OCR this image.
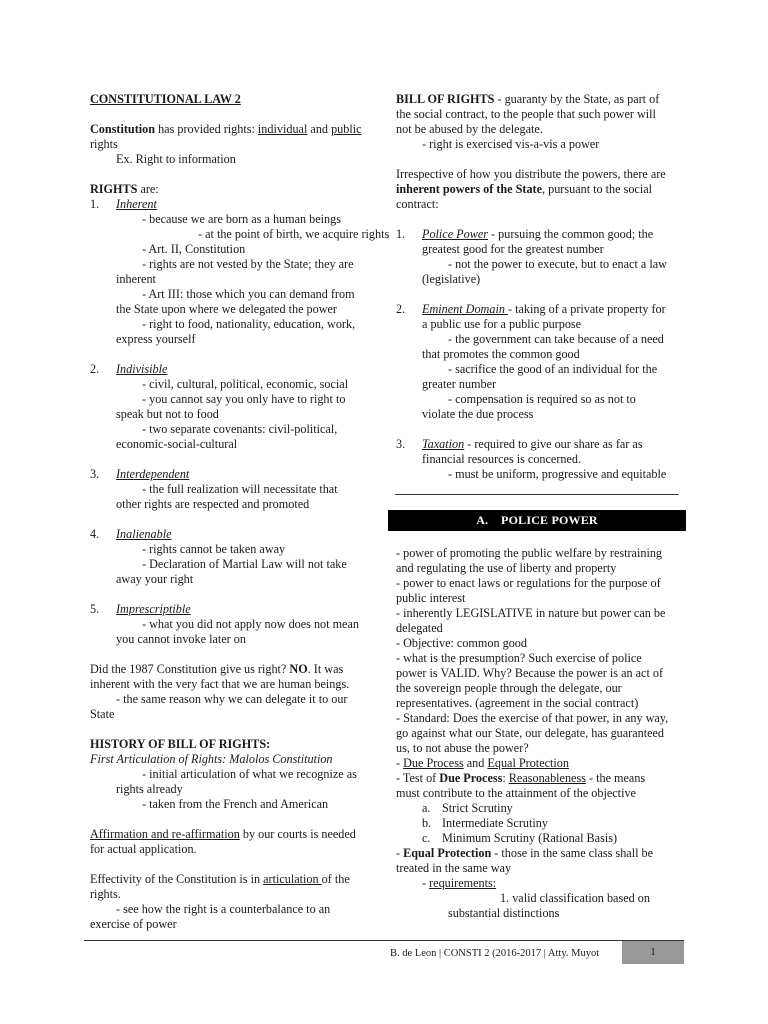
CONSTITUTIONAL LAW 2
Constitution has provided rights: individual and public
rights
Ex. Right to information
RIGHTS are:
1. Inherent
- because we are born as a human beings
- at the point of birth, we acquire rights
- Art. II, Constitution
- rights are not vested by the State; they are
inherent
- Art III: those which you can demand from
the State upon where we delegated the power
- right to food, nationality, education, work,
express yourself
2. Indivisible
- civil, cultural, political, economic, social
- you cannot say you only have to right to
speak but not to food
- two separate covenants: civil-political,
economic-social-cultural
3. Interdependent
- the full realization will necessitate that
other rights are respected and promoted
4. Inalienable
- rights cannot be taken away
- Declaration of Martial Law will not take
away your right
5. Imprescriptible
- what you did not apply now does not mean
you cannot invoke later on
Did the 1987 Constitution give us right? NO. It was
inherent with the very fact that we are human beings.
- the same reason why we can delegate it to our
State
HISTORY OF BILL OF RIGHTS:
First Articulation of Rights: Malolos Constitution
- initial articulation of what we recognize as
rights already
- taken from the French and American
Affirmation and re-affirmation by our courts is needed
for actual application.
Effectivity of the Constitution is in articulation of the
rights.
- see how the right is a counterbalance to an
exercise of power
BILL OF RIGHTS - guaranty by the State, as part of
the social contract, to the people that such power will
not be abused by the delegate.
- right is exercised vis-a-vis a power
Irrespective of how you distribute the powers, there are
inherent powers of the State, pursuant to the social
contract:
1. Police Power - pursuing the common good; the
greatest good for the greatest number
- not the power to execute, but to enact a law
(legislative)
2. Eminent Domain - taking of a private property for
a public use for a public purpose
- the government can take because of a need
that promotes the common good
- sacrifice the good of an individual for the
greater number
- compensation is required so as not to
violate the due process
3. Taxation - required to give our share as far as
financial resources is concerned.
- must be uniform, progressive and equitable
A.    POLICE POWER
- power of promoting the public welfare by restraining
and regulating the use of liberty and property
- power to enact laws or regulations for the purpose of
public interest
- inherently LEGISLATIVE in nature but power can be
delegated
- Objective: common good
- what is the presumption? Such exercise of police
power is VALID. Why? Because the power is an act of
the sovereign people through the delegate, our
representatives. (agreement in the social contract)
- Standard: Does the exercise of that power, in any way,
go against what our State, our delegate, has guaranteed
us, to not abuse the power?
- Due Process and Equal Protection
- Test of Due Process: Reasonableness - the means
must contribute to the attainment of the objective
a. Strict Scrutiny
b. Intermediate Scrutiny
c. Minimum Scrutiny (Rational Basis)
- Equal Protection - those in the same class shall be
treated in the same way
- requirements:
1. valid classification based on
substantial distinctions
B. de Leon | CONSTI 2 (2016-2017 | Atty. Muyot	1
